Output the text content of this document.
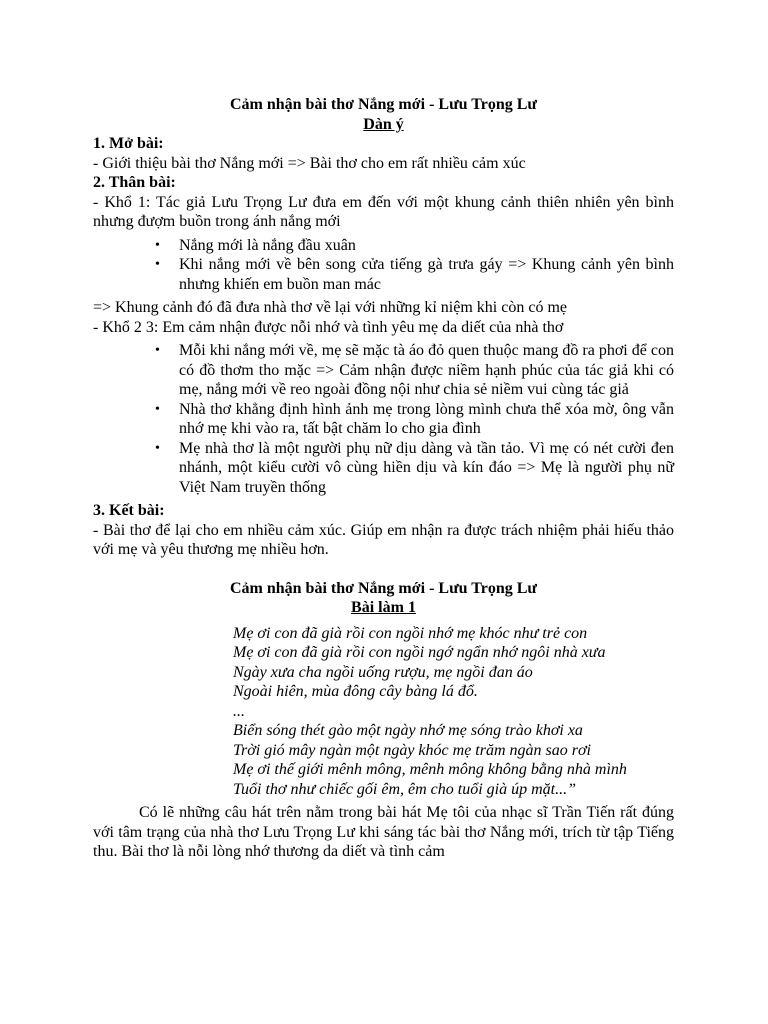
Cảm nhận bài thơ Nắng mới - Lưu Trọng Lư
Dàn ý
1. Mở bài:

- Giới thiệu bài thơ Nắng mới => Bài thơ cho em rất nhiều cảm xúc

2. Thân bài:

- Khổ 1: Tác giả Lưu Trọng Lư đưa em đến với một khung cảnh thiên nhiên yên bình nhưng đượm buồn trong ánh nắng mới

• Nắng mới là nắng đầu xuân
• Khi nắng mới về bên song cửa tiếng gà trưa gáy => Khung cảnh yên bình nhưng khiến em buồn man mác

=> Khung cảnh đó đã đưa nhà thơ về lại với những kỉ niệm khi còn có mẹ

- Khổ 2 3: Em cảm nhận được nỗi nhớ và tình yêu mẹ da diết của nhà thơ

• Mỗi khi nắng mới về, mẹ sẽ mặc tà áo đỏ quen thuộc mang đồ ra phơi để con có đồ thơm tho mặc => Cảm nhận được niềm hạnh phúc của tác giả khi có mẹ, nắng mới về reo ngoài đồng nội như chia sẻ niềm vui cùng tác giả
• Nhà thơ khẳng định hình ảnh mẹ trong lòng mình chưa thể xóa mờ, ông vẫn nhớ mẹ khi vào ra, tất bật chăm lo cho gia đình
• Mẹ nhà thơ là một người phụ nữ dịu dàng và tần tảo. Vì mẹ có nét cười đen nhánh, một kiểu cười vô cùng hiền dịu và kín đáo => Mẹ là người phụ nữ Việt Nam truyền thống
3. Kết bài:

- Bài thơ để lại cho em nhiều cảm xúc. Giúp em nhận ra được trách nhiệm phải hiếu thảo với mẹ và yêu thương mẹ nhiều hơn.

Cảm nhận bài thơ Nắng mới - Lưu Trọng Lư
Bài làm 1
Mẹ ơi con đã già rồi con ngồi nhớ mẹ khóc như trẻ con
Mẹ ơi con đã già rồi con ngồi ngớ ngẩn nhớ ngôi nhà xưa
Ngày xưa cha ngồi uống rượu, mẹ ngồi đan áo
Ngoài hiên, mùa đông cây bàng lá đổ.
...
Biển sóng thét gào một ngày nhớ mẹ sóng trào khơi xa
Trời gió mây ngàn một ngày khóc mẹ trăm ngàn sao rơi
Mẹ ơi thế giới mênh mông, mênh mông không bằng nhà mình
Tuổi thơ như chiếc gối êm, êm cho tuổi già úp mặt...”

Có lẽ những câu hát trên nằm trong bài hát Mẹ tôi của nhạc sĩ Trần Tiến rất đúng với tâm trạng của nhà thơ Lưu Trọng Lư khi sáng tác bài thơ Nắng mới, trích từ tập Tiếng thu. Bài thơ là nỗi lòng nhớ thương da diết và tình cảm
